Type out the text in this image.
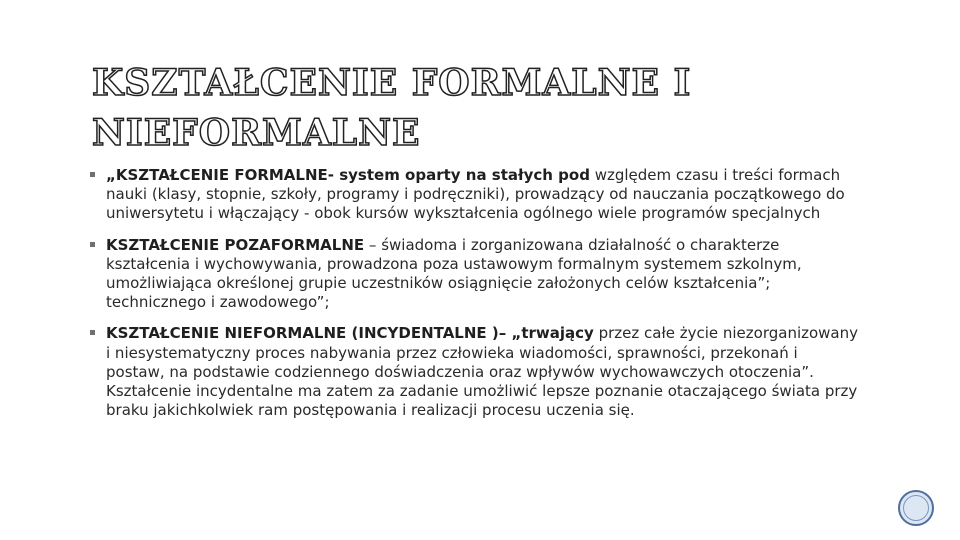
KSZTAŁCENIE FORMALNE I
NIEFORMALNE
„KSZTAŁCENIE FORMALNE- system oparty na stałych pod względem czasu i treści formach nauki (klasy, stopnie, szkoły, programy i podręczniki), prowadzący od nauczania początkowego do uniwersytetu i włączający - obok kursów wykształcenia ogólnego wiele programów specjalnych
KSZTAŁCENIE POZAFORMALNE – świadoma i zorganizowana działalność o charakterze kształcenia i wychowywania, prowadzona poza ustawowym formalnym systemem szkolnym, umożliwiająca określonej grupie uczestników osiągnięcie założonych celów kształcenia”; technicznego i zawodowego”;
KSZTAŁCENIE NIEFORMALNE (INCYDENTALNE )– „trwający przez całe życie niezorganizowany i niesystematyczny proces nabywania przez człowieka wiadomości, sprawności, przekonań i postaw, na podstawie codziennego doświadczenia oraz wpływów wychowawczych otoczenia”. Kształcenie incydentalne ma zatem za zadanie umożliwić lepsze poznanie otaczającego świata przy braku jakichkolwiek ram postępowania i realizacji procesu uczenia się.
